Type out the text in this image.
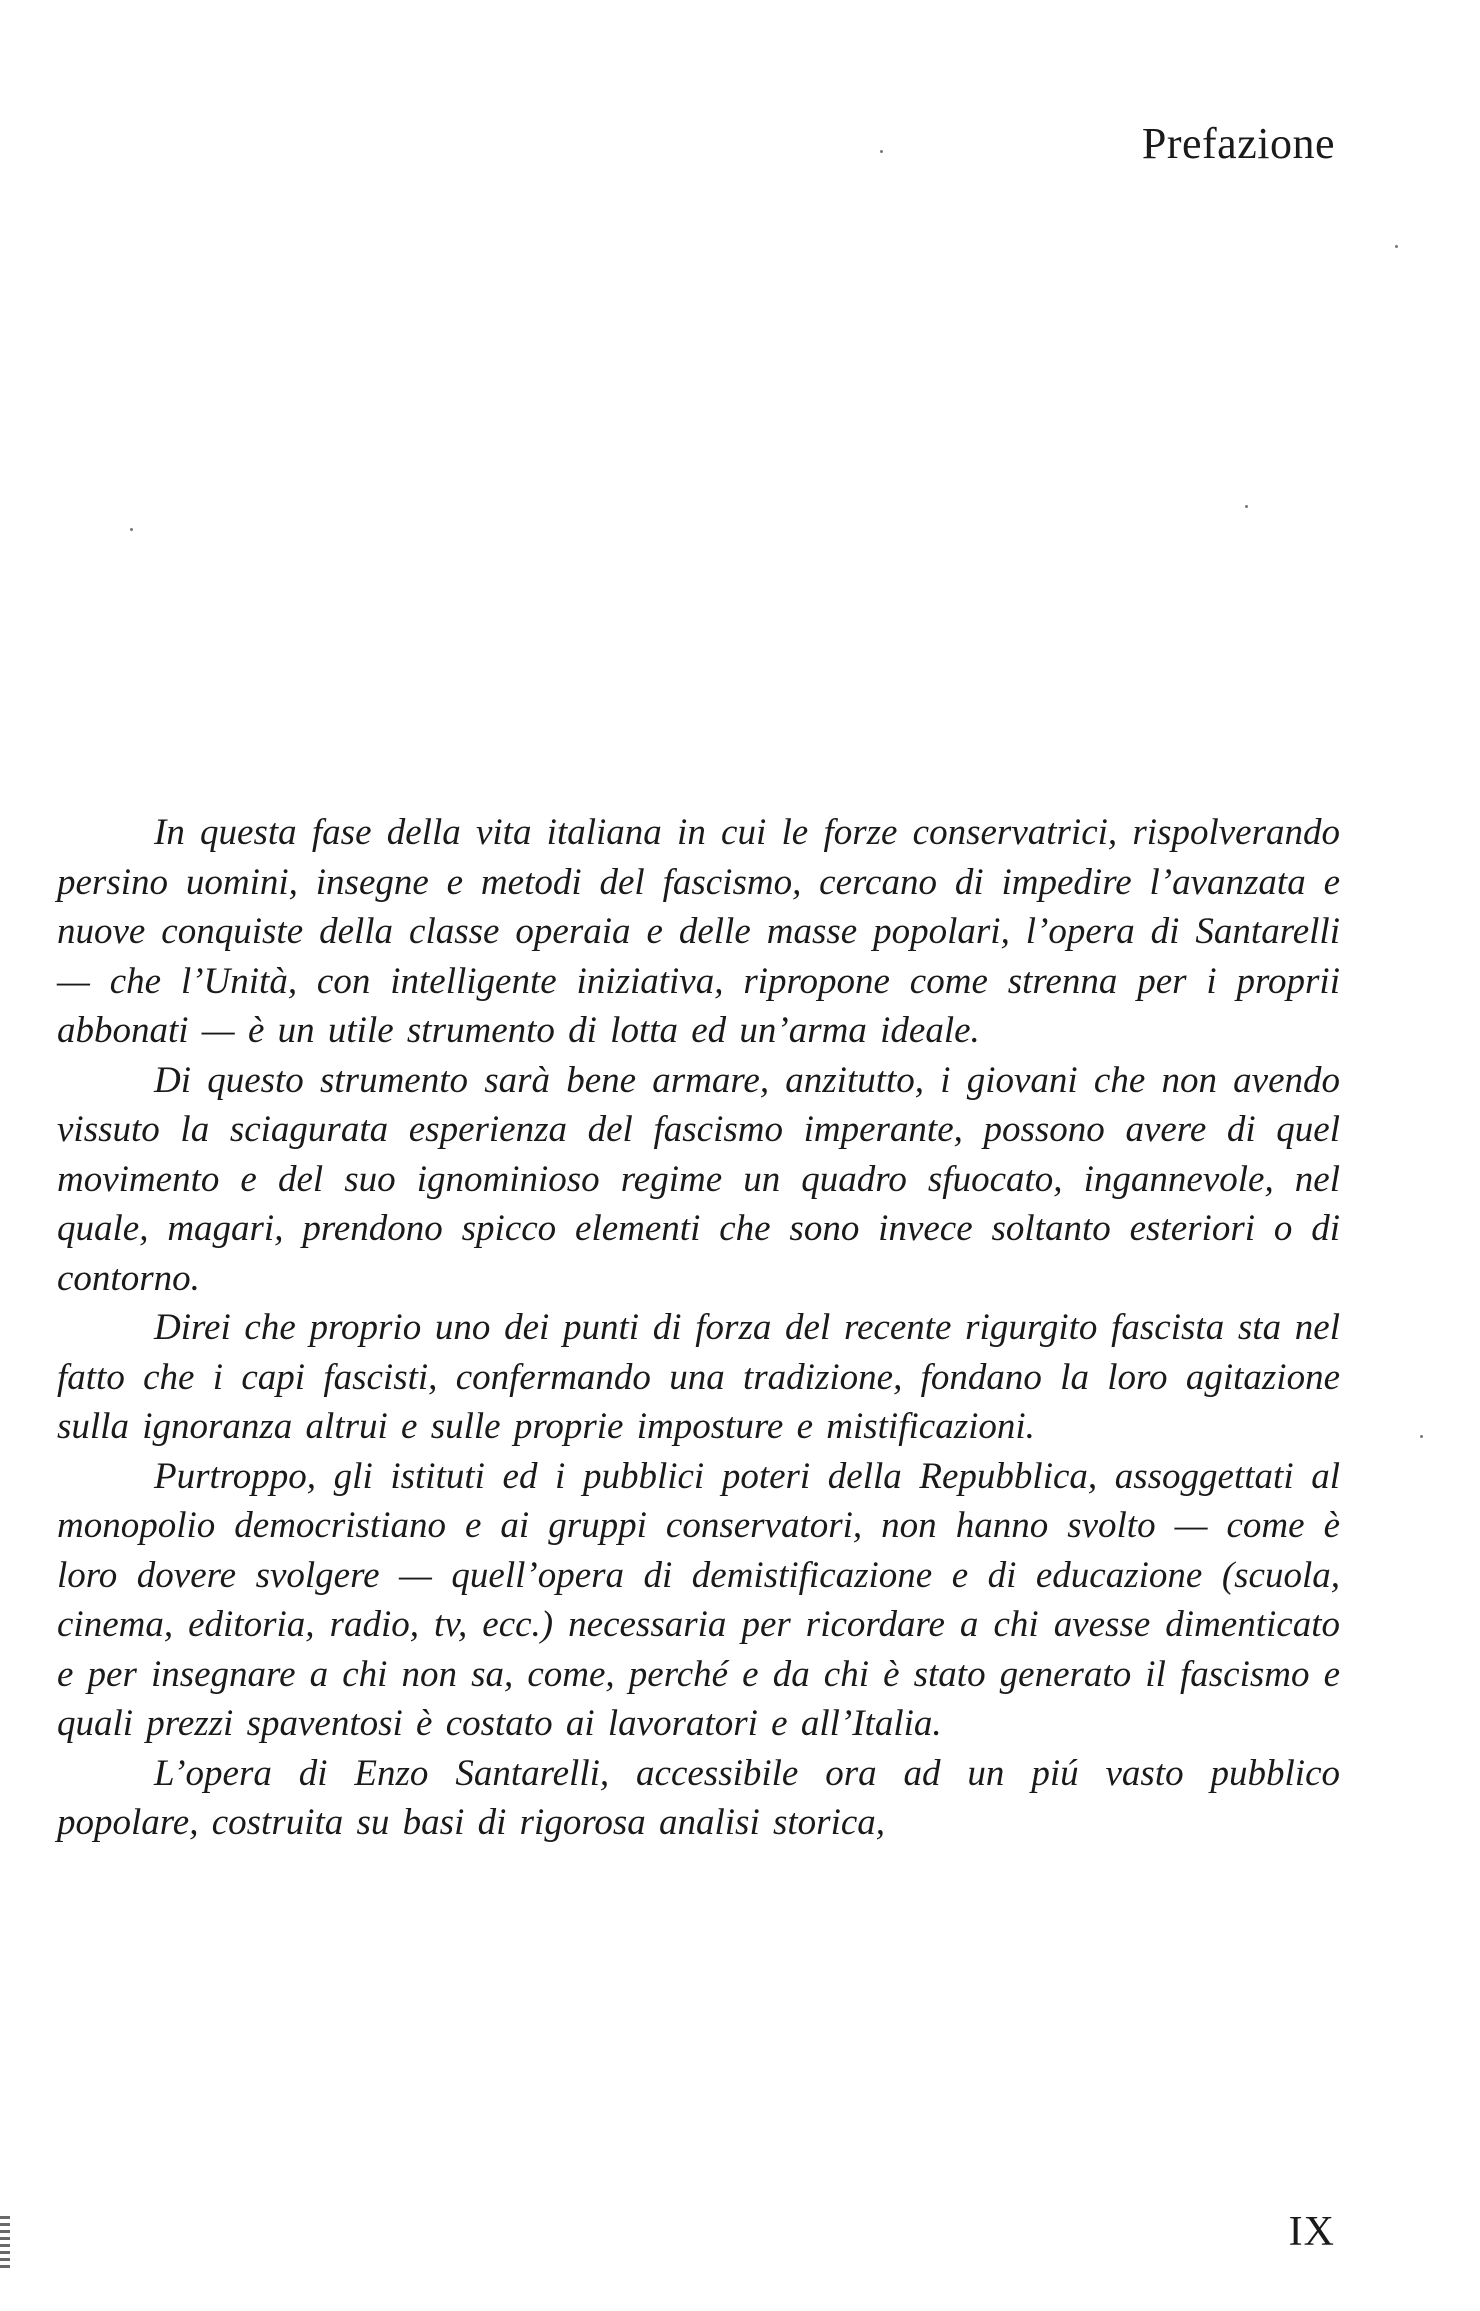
Prefazione

In questa fase della vita italiana in cui le forze conservatrici, rispolverando persino uomini, insegne e metodi del fascismo, cercano di impedire l’avanzata e nuove conquiste della classe operaia e delle masse popolari, l’opera di Santarelli — che l’Unità, con intelligente iniziativa, ripropone come strenna per i proprii abbonati — è un utile strumento di lotta ed un’arma ideale.

Di questo strumento sarà bene armare, anzitutto, i giovani che non avendo vissuto la sciagurata esperienza del fascismo imperante, possono avere di quel movimento e del suo ignominioso regime un quadro sfuocato, ingannevole, nel quale, magari, prendono spicco elementi che sono invece soltanto esteriori o di contorno.

Direi che proprio uno dei punti di forza del recente rigurgito fascista sta nel fatto che i capi fascisti, confermando una tradizione, fondano la loro agitazione sulla ignoranza altrui e sulle proprie imposture e mistificazioni.

Purtroppo, gli istituti ed i pubblici poteri della Repubblica, assoggettati al monopolio democristiano e ai gruppi conservatori, non hanno svolto — come è loro dovere svolgere — quell’opera di demistificazione e di educazione (scuola, cinema, editoria, radio, tv, ecc.) necessaria per ricordare a chi avesse dimenticato e per insegnare a chi non sa, come, perché e da chi è stato generato il fascismo e quali prezzi spaventosi è costato ai lavoratori e all’Italia.

L’opera di Enzo Santarelli, accessibile ora ad un piú vasto pubblico popolare, costruita su basi di rigorosa analisi storica,

IX
